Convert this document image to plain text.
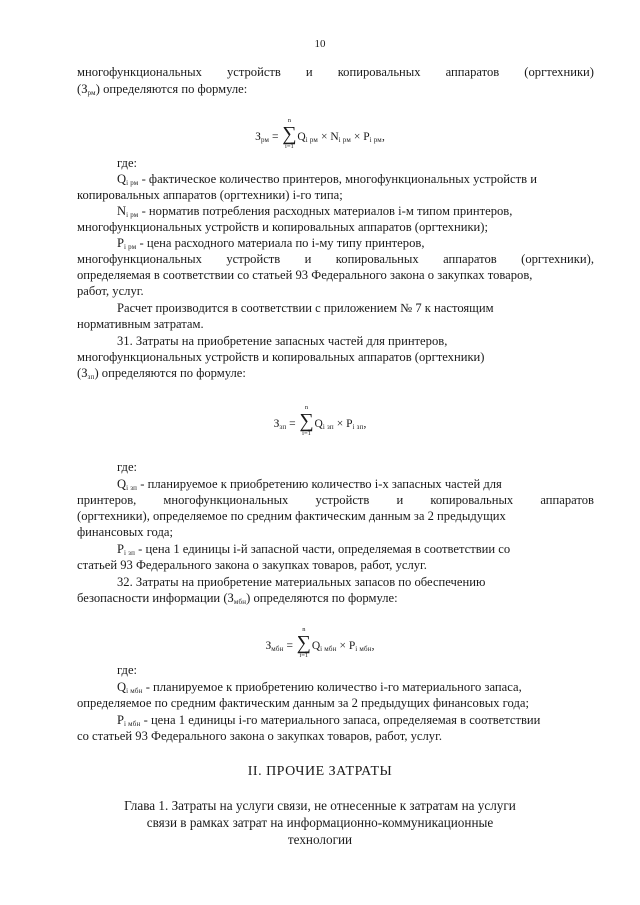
10

многофункциональных устройств и копировальных аппаратов (оргтехники)

$(З_{рм})$ определяются по формуле:

$З_{рм}$ =
n
∑
i=1
$Q_{i рм} \times N_{i рм} \times P_{i рм}$,

где:

$Q_{i рм}$ - фактическое количество принтеров, многофункциональных устройств и

копировальных аппаратов (оргтехники) i-го типа;

$N_{i рм}$ - норматив потребления расходных материалов i-м типом принтеров,

многофункциональных устройств и копировальных аппаратов (оргтехники);

$P_{i рм}$ - цена расходного материала по i-му типу принтеров,

многофункциональных устройств и копировальных аппаратов (оргтехники),

определяемая в соответствии со статьей 93 Федерального закона о закупках товаров,

работ, услуг.

Расчет производится в соответствии с приложением № 7 к настоящим

нормативным затратам.

31. Затраты на приобретение запасных частей для принтеров,

многофункциональных устройств и копировальных аппаратов (оргтехники)

$(З_{зп})$ определяются по формуле:

$З_{зп}$ =
n
∑
i=1
$Q_{i зп} \times P_{i зп}$,

где:

$Q_{i зп}$ - планируемое к приобретению количество i-х запасных частей для

принтеров, многофункциональных устройств и копировальных аппаратов

(оргтехники), определяемое по средним фактическим данным за 2 предыдущих

финансовых года;

$P_{i зп}$ - цена 1 единицы i-й запасной части, определяемая в соответствии со

статьей 93 Федерального закона о закупках товаров, работ, услуг.

32. Затраты на приобретение материальных запасов по обеспечению

безопасности информации $(З_{мбн})$ определяются по формуле:

$З_{мбн}$ =
n
∑
i=1
$Q_{i мбн} \times P_{i мбн}$,

где:

$Q_{i мбн}$ - планируемое к приобретению количество i-го материального запаса,

определяемое по средним фактическим данным за 2 предыдущих финансовых года;

$P_{i мбн}$ - цена 1 единицы i-го материального запаса, определяемая в соответствии

со статьей 93 Федерального закона о закупках товаров, работ, услуг.

II. ПРОЧИЕ ЗАТРАТЫ
Глава 1. Затраты на услуги связи, не отнесенные к затратам на услуги
связи в рамках затрат на информационно-коммуникационные
технологии
